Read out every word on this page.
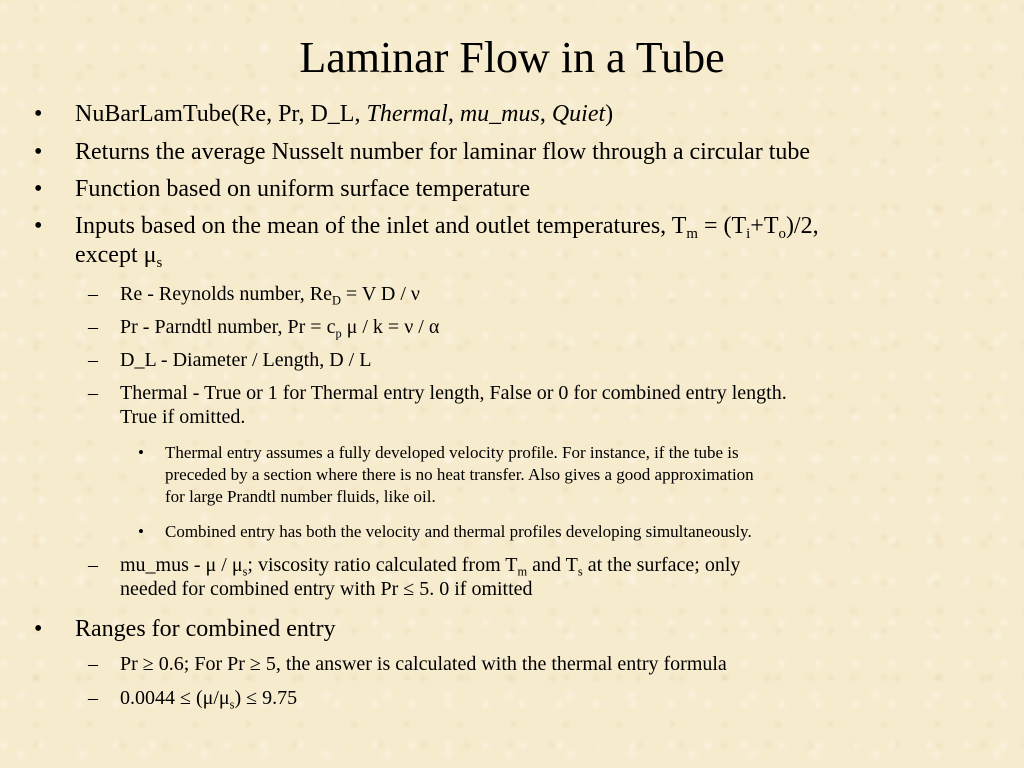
Laminar Flow in a Tube
• NuBarLamTube(Re, Pr, D_L, Thermal, mu_mus, Quiet)
• Returns the average Nusselt number for laminar flow through a circular tube
• Function based on uniform surface temperature
• Inputs based on the mean of the inlet and outlet temperatures, $T_m = (T_i+T_o)/2$,
except $\mu_s$
– Re - Reynolds number, $Re_D = V$ D / ν
– Pr - Parndtl number, $Pr = c_p$ μ / k = ν / α
– D_L - Diameter / Length, D / L
– Thermal - True or 1 for Thermal entry length, False or 0 for combined entry length.
True if omitted.
• Thermal entry assumes a fully developed velocity profile. For instance, if the tube is
preceded by a section where there is no heat transfer. Also gives a good approximation
for large Prandtl number fluids, like oil.
• Combined entry has both the velocity and thermal profiles developing simultaneously.
– mu_mus - μ / $\mu_s$; viscosity ratio calculated from $T_m$ and $T_s$ at the surface; only
needed for combined entry with Pr ≤ 5. 0 if omitted
• Ranges for combined entry
– Pr ≥ 0.6; For Pr ≥ 5, the answer is calculated with the thermal entry formula
– $0.0044 \le (\mu/\mu_s) \le 9.75$
